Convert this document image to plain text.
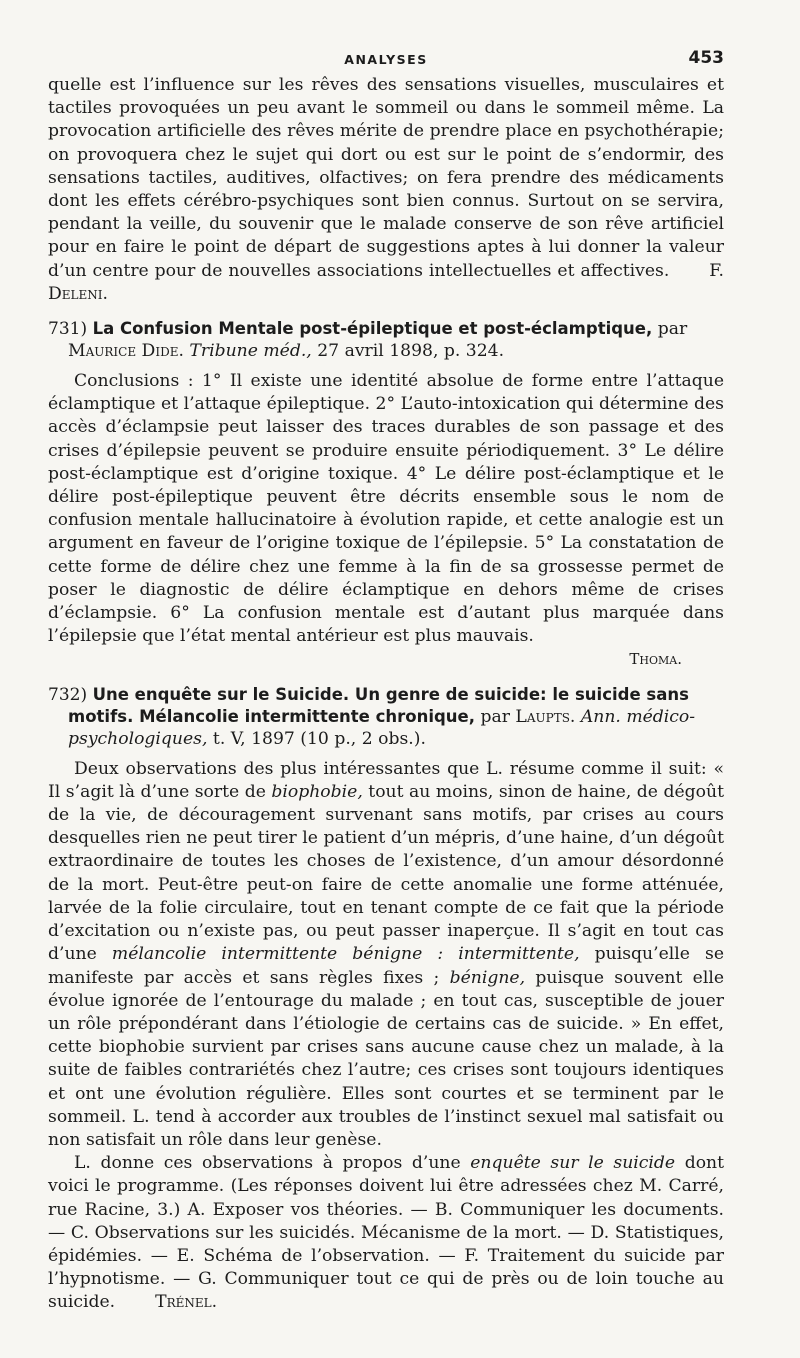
ANALYSES	453

quelle est l’influence sur les rêves des sensations visuelles, musculaires et tactiles provoquées un peu avant le sommeil ou dans le sommeil même. La provocation artificielle des rêves mérite de prendre place en psychothérapie; on provoquera chez le sujet qui dort ou est sur le point de s’endormir, des sensations tactiles, auditives, olfactives; on fera prendre des médicaments dont les effets cérébro-psychiques sont bien connus. Surtout on se servira, pendant la veille, du souvenir que le malade conserve de son rêve artificiel pour en faire le point de départ de suggestions aptes à lui donner la valeur d’un centre pour de nouvelles associations intellectuelles et affectives. F. Deleni.

731) La Confusion Mentale post-épileptique et post-éclamptique, par
Maurice Dide. Tribune méd., 27 avril 1898, p. 324.

Conclusions : 1° Il existe une identité absolue de forme entre l’attaque éclamptique et l’attaque épileptique. 2° L’auto-intoxication qui détermine des accès d’éclampsie peut laisser des traces durables de son passage et des crises d’épilepsie peuvent se produire ensuite périodiquement. 3° Le délire post-éclamptique est d’origine toxique. 4° Le délire post-éclamptique et le délire post-épileptique peuvent être décrits ensemble sous le nom de confusion mentale hallucinatoire à évolution rapide, et cette analogie est un argument en faveur de l’origine toxique de l’épilepsie. 5° La constatation de cette forme de délire chez une femme à la fin de sa grossesse permet de poser le diagnostic de délire éclamptique en dehors même de crises d’éclampsie. 6° La confusion mentale est d’autant plus marquée dans l’épilepsie que l’état mental antérieur est plus mauvais.

Thoma.

732) Une enquête sur le Suicide. Un genre de suicide: le suicide sans motifs. Mélancolie intermittente chronique, par Laupts. Ann. médico-psychologiques, t. V, 1897 (10 p., 2 obs.).

Deux observations des plus intéressantes que L. résume comme il suit: « Il s’agit là d’une sorte de biophobie, tout au moins, sinon de haine, de dégoût de la vie, de découragement survenant sans motifs, par crises au cours desquelles rien ne peut tirer le patient d’un mépris, d’une haine, d’un dégoût extraordinaire de toutes les choses de l’existence, d’un amour désordonné de la mort. Peut-être peut-on faire de cette anomalie une forme atténuée, larvée de la folie circulaire, tout en tenant compte de ce fait que la période d’excitation ou n’existe pas, ou peut passer inaperçue. Il s’agit en tout cas d’une mélancolie intermittente bénigne : intermittente, puisqu’elle se manifeste par accès et sans règles fixes ; bénigne, puisque souvent elle évolue ignorée de l’entourage du malade ; en tout cas, susceptible de jouer un rôle prépondérant dans l’étiologie de certains cas de suicide. » En effet, cette biophobie survient par crises sans aucune cause chez un malade, à la suite de faibles contrariétés chez l’autre; ces crises sont toujours identiques et ont une évolution régulière. Elles sont courtes et se terminent par le sommeil. L. tend à accorder aux troubles de l’instinct sexuel mal satisfait ou non satisfait un rôle dans leur genèse.

L. donne ces observations à propos d’une enquête sur le suicide dont voici le programme. (Les réponses doivent lui être adressées chez M. Carré, rue Racine, 3.) A. Exposer vos théories. — B. Communiquer les documents. — C. Observations sur les suicidés. Mécanisme de la mort. — D. Statistiques, épidémies. — E. Schéma de l’observation. — F. Traitement du suicide par l’hypnotisme. — G. Communiquer tout ce qui de près ou de loin touche au suicide. Trénel.
